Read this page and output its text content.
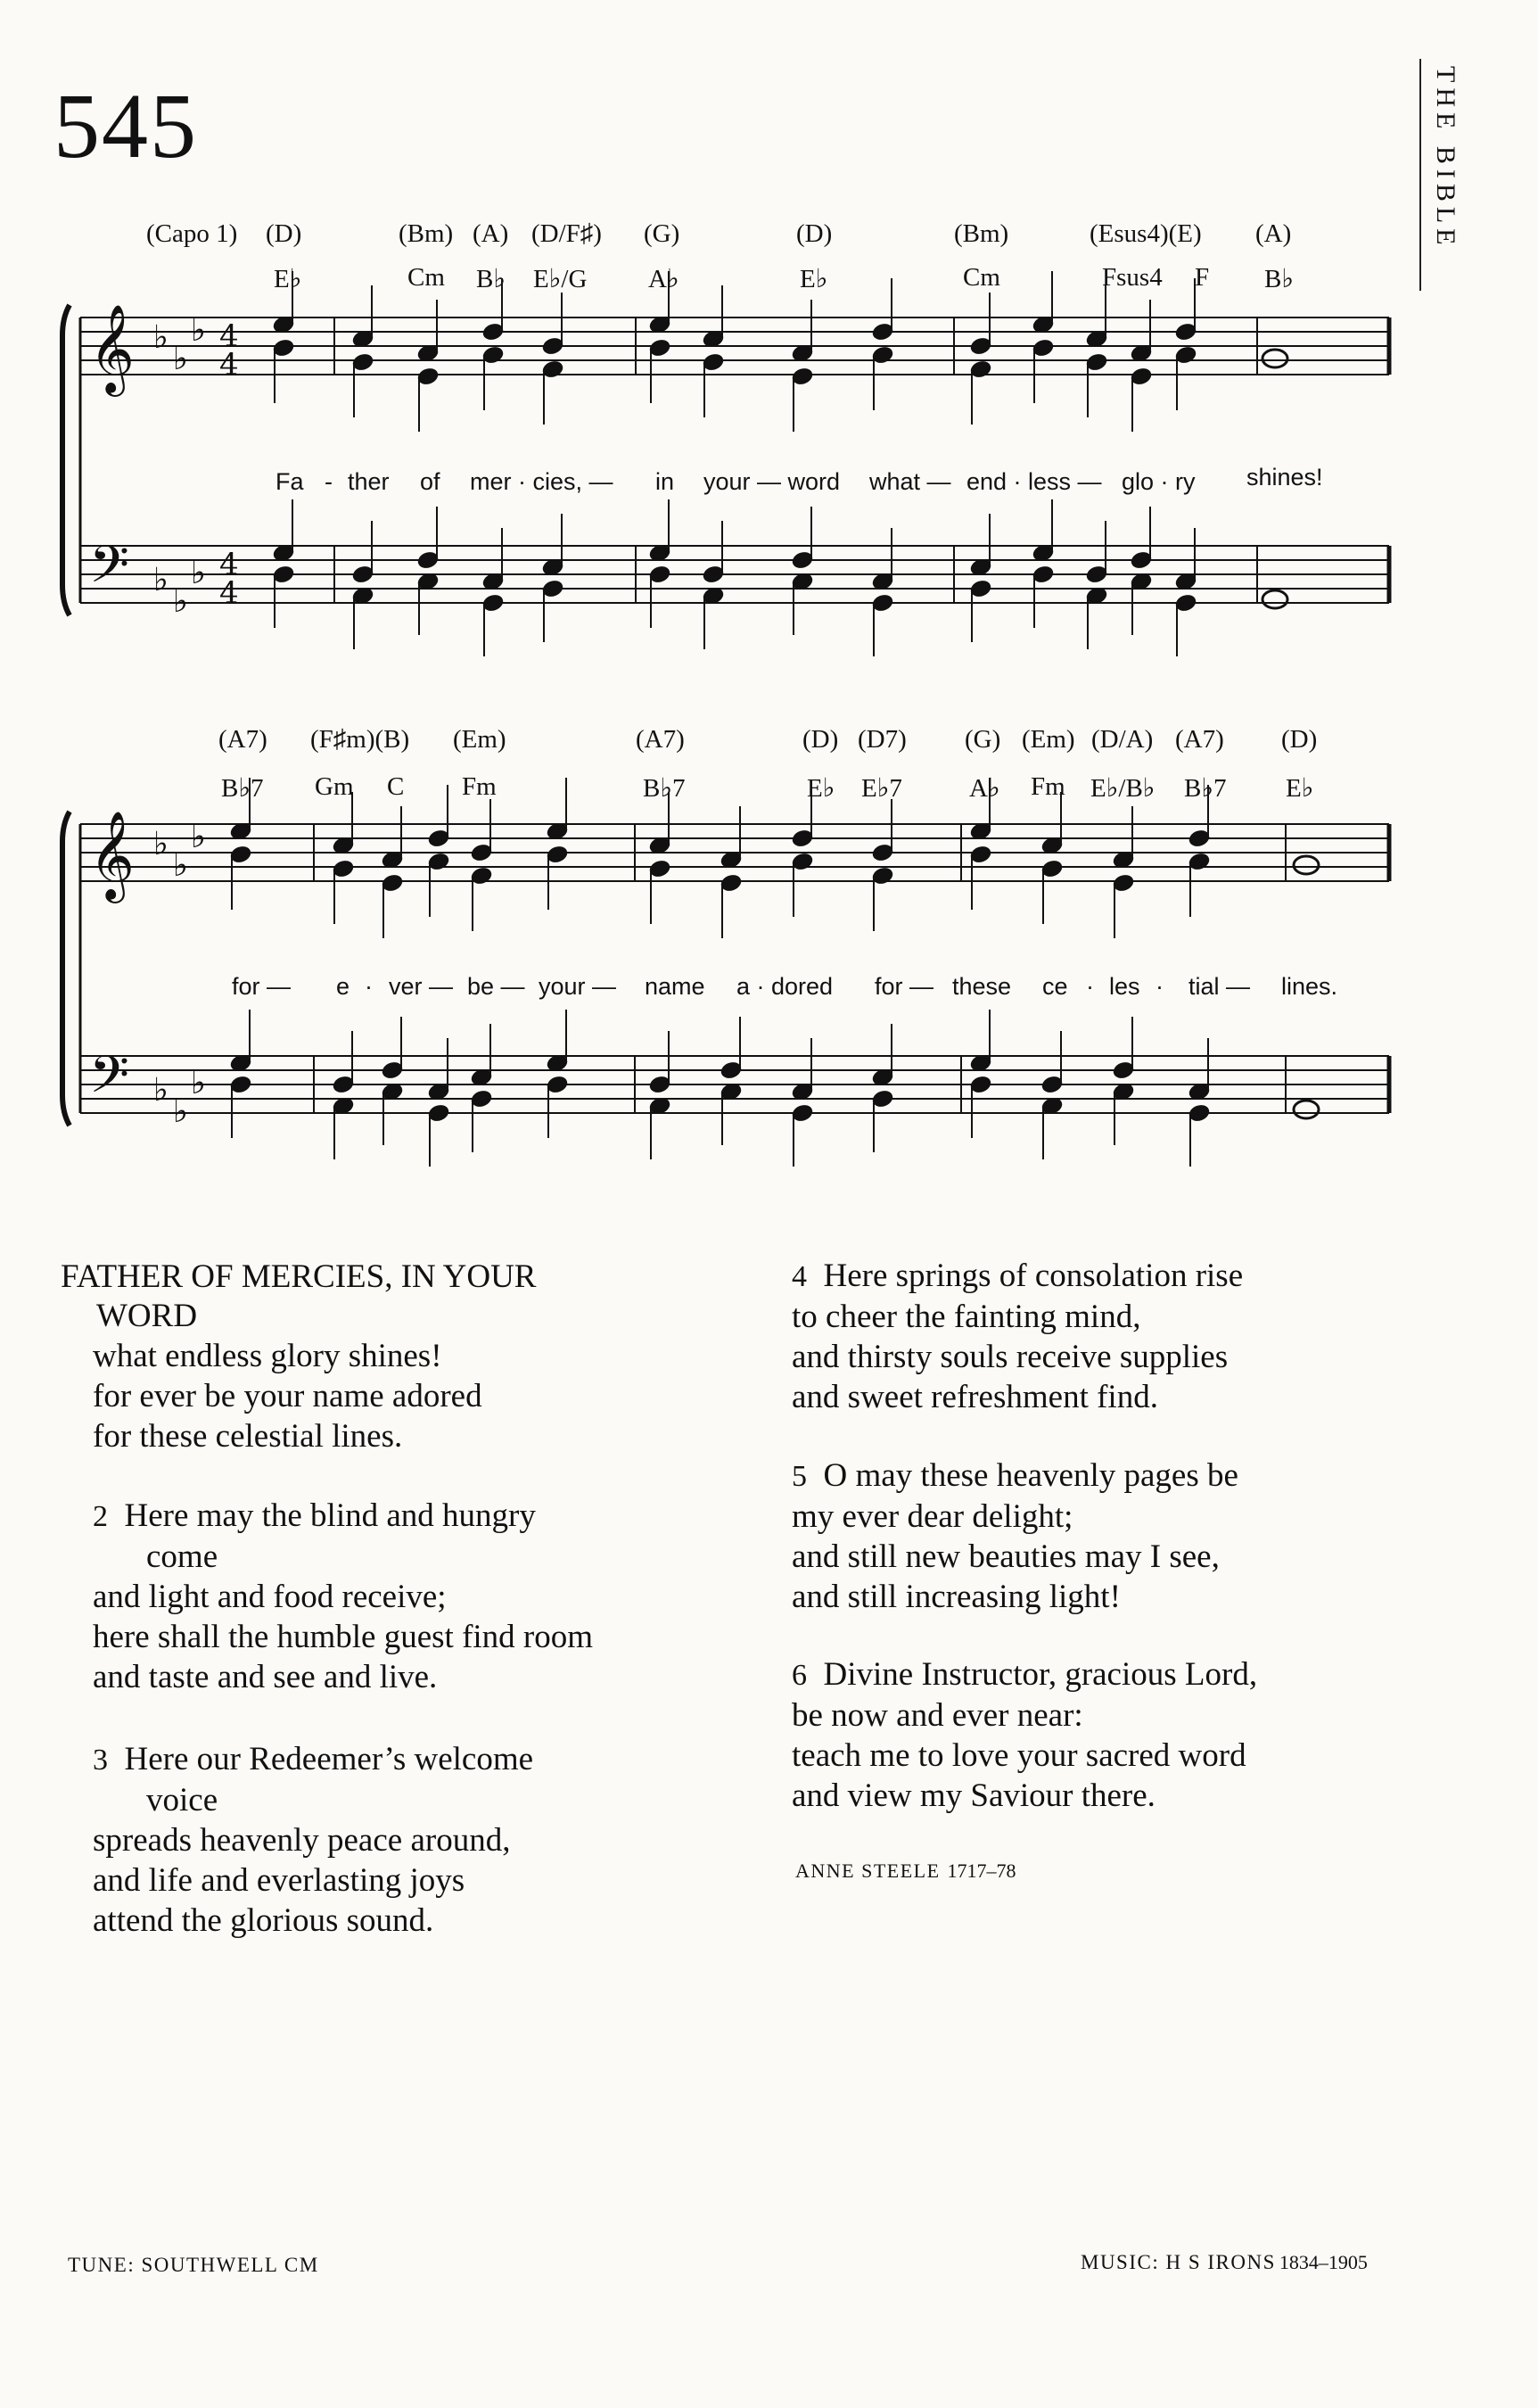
545	THE BIBLE
(Capo 1) (D)	(Bm) (A) (D/F♯) (G)	(D)	(Bm)	(Esus4)(E) (A)
E♭	Cm B♭ E♭/G A♭	E♭	Cm	Fsus4 F B♭
Fa - ther of mer · cies, — in your — word what — end · less — glo · ry shines!
(A7) (F♯m)(B) (Em)	(A7)	(D) (D7) (G) (Em) (D/A) (A7) (D)
B♭7 Gm C Fm	B♭7	E♭ E♭7	A♭ Fm E♭/B♭ B♭7 E♭
for — e · ver — be — your — name a · dored for — these ce · les · tial — lines.
𝄞
𝄢
♭
♭
♭
♭
♭
♭
4
4
4
4
𝄞
𝄢
♭
♭
♭
♭
♭
♭
FATHER OF MERCIES, IN YOUR
WORD
what endless glory shines!
for ever be your name adored
for these celestial lines.
2 Here may the blind and hungry
come
and light and food receive;
here shall the humble guest find room
and taste and see and live.
3 Here our Redeemer’s welcome
voice
spreads heavenly peace around,
and life and everlasting joys
attend the glorious sound.
4 Here springs of consolation rise
to cheer the fainting mind,
and thirsty souls receive supplies
and sweet refreshment find.
5 O may these heavenly pages be
my ever dear delight;
and still new beauties may I see,
and still increasing light!
6 Divine Instructor, gracious Lord,
be now and ever near:
teach me to love your sacred word
and view my Saviour there.
ANNE STEELE 1717–78
TUNE: SOUTHWELL CM	MUSIC: H S IRONS 1834–1905
